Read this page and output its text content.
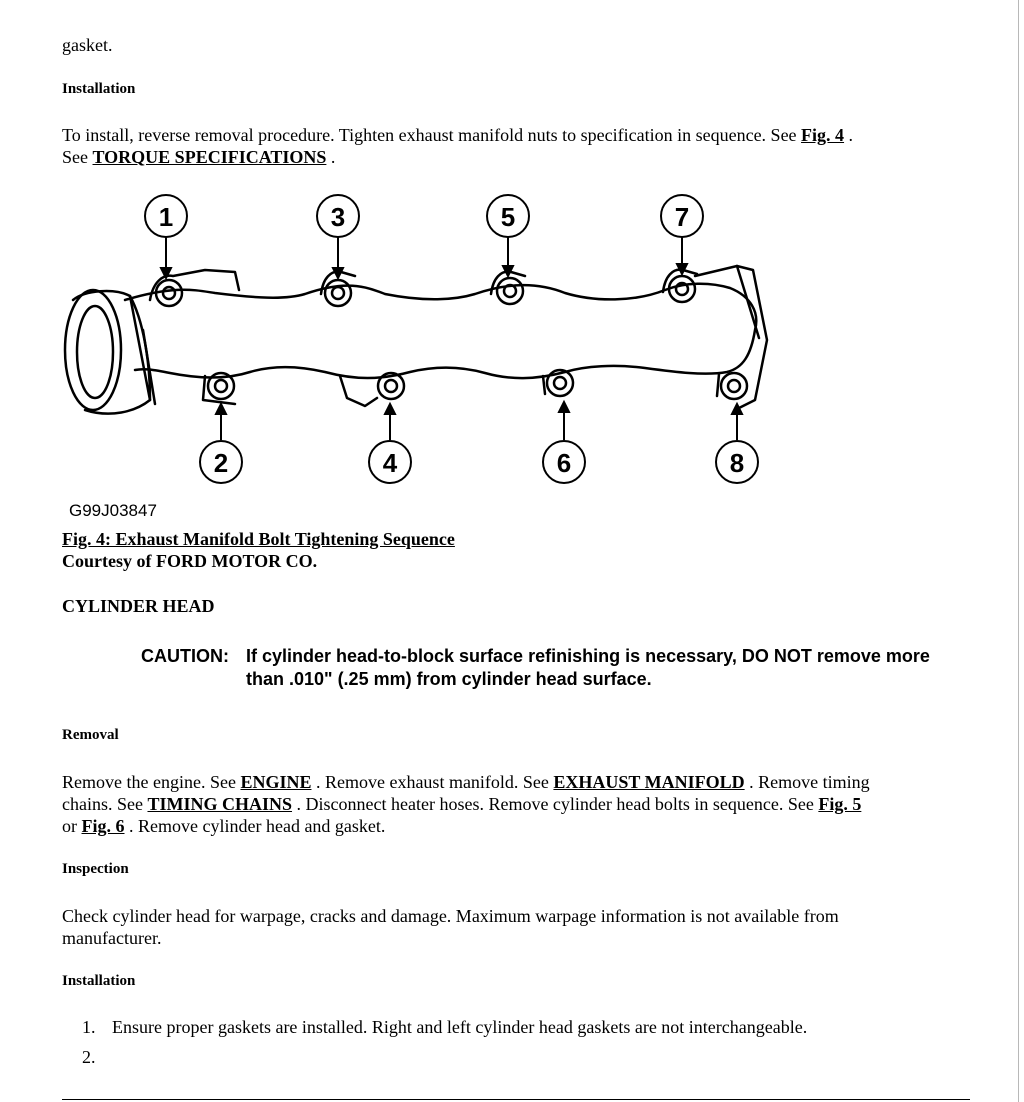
gasket.

Installation

To install, reverse removal procedure. Tighten exhaust manifold nuts to specification in sequence. See Fig. 4 .

See TORQUE SPECIFICATIONS .

1	3	5	7
2	4	6	8
G99J03847

Fig. 4: Exhaust Manifold Bolt Tightening Sequence

Courtesy of FORD MOTOR CO.

CYLINDER HEAD

CAUTION: If cylinder head-to-block surface refinishing is necessary, DO NOT remove more than .010" (.25 mm) from cylinder head surface.

Removal

Remove the engine. See ENGINE . Remove exhaust manifold. See EXHAUST MANIFOLD . Remove timing

chains. See TIMING CHAINS . Disconnect heater hoses. Remove cylinder head bolts in sequence. See Fig. 5

or Fig. 6 . Remove cylinder head and gasket.

Inspection

Check cylinder head for warpage, cracks and damage. Maximum warpage information is not available from

manufacturer.

Installation

1. Ensure proper gaskets are installed. Right and left cylinder head gaskets are not interchangeable.
2.
